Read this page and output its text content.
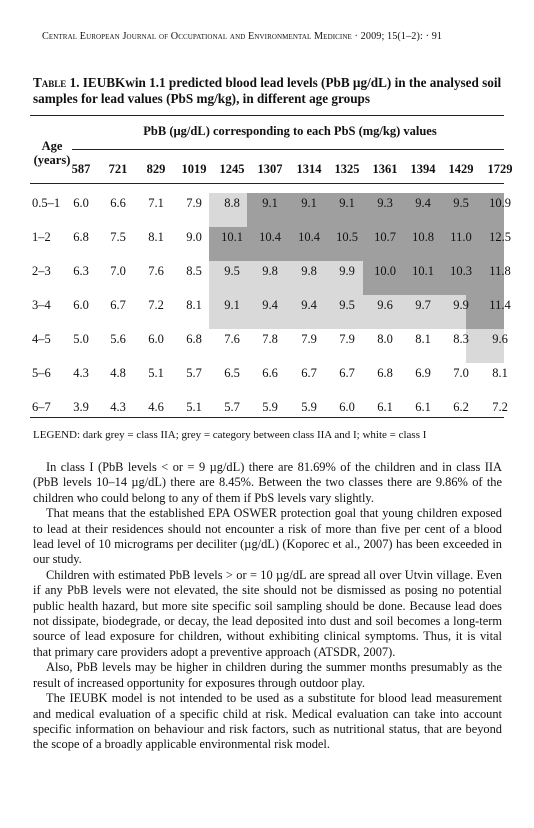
Central European Journal of Occupational and Environmental Medicine · 2009; 15(1–2): · 91
Table 1. IEUBKwin 1.1 predicted blood lead levels (PbB µg/dL) in the analysed soil samples for lead values (PbS mg/kg), in different age groups
Age (years)
PbB (µg/dL) corresponding to each PbS (mg/kg) values
587	721	829	1019	1245	1307	1314	1325	1361	1394	1429	1729
0.5–1	6.0	6.6	7.1	7.9	8.8	9.1	9.1	9.1	9.3	9.4	9.5	10.9
1–2	6.8	7.5	8.1	9.0	10.1	10.4	10.4	10.5	10.7	10.8	11.0	12.5
2–3	6.3	7.0	7.6	8.5	9.5	9.8	9.8	9.9	10.0	10.1	10.3	11.8
3–4	6.0	6.7	7.2	8.1	9.1	9.4	9.4	9.5	9.6	9.7	9.9	11.4
4–5	5.0	5.6	6.0	6.8	7.6	7.8	7.9	7.9	8.0	8.1	8.3	9.6
5–6	4.3	4.8	5.1	5.7	6.5	6.6	6.7	6.7	6.8	6.9	7.0	8.1
6–7	3.9	4.3	4.6	5.1	5.7	5.9	5.9	6.0	6.1	6.1	6.2	7.2
LEGEND: dark grey = class IIA; grey = category between class IIA and I; white = class I

In class I (PbB levels < or = 9 µg/dL) there are 81.69% of the children and in class IIA (PbB levels 10–14 µg/dL) there are 8.45%. Between the two classes there are 9.86% of the children who could belong to any of them if PbS levels vary slightly.

That means that the established EPA OSWER protection goal that young children exposed to lead at their residences should not encounter a risk of more than five per cent of a blood lead level of 10 micrograms per deciliter (µg/dL) (Koporec et al., 2007) has been exceeded in our study.

Children with estimated PbB levels > or = 10 µg/dL are spread all over Utvin village. Even if any PbB levels were not elevated, the site should not be dismissed as posing no potential public health hazard, but more site specific soil sampling should be done. Because lead does not dissipate, biodegrade, or decay, the lead deposited into dust and soil becomes a long-term source of lead exposure for children, without exhibiting clinical symptoms. Thus, it is vital that primary care providers adopt a preventive approach (ATSDR, 2007).

Also, PbB levels may be higher in children during the summer months presumably as the result of increased opportunity for exposures through outdoor play.

The IEUBK model is not intended to be used as a substitute for blood lead measurement and medical evaluation of a specific child at risk. Medical evaluation can take into account specific information on behaviour and risk factors, such as nutritional status, that are beyond the scope of a broadly applicable environmental risk model.
